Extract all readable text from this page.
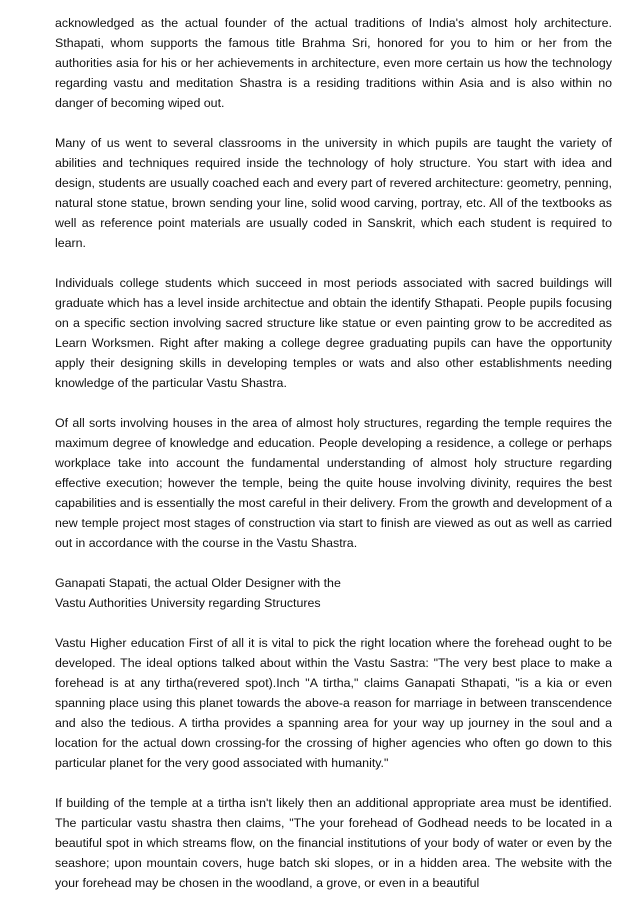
acknowledged as the actual founder of the actual traditions of India's almost holy architecture. Sthapati, whom supports the famous title Brahma Sri, honored for you to him or her from the authorities asia for his or her achievements in architecture, even more certain us how the technology regarding vastu and meditation Shastra is a residing traditions within Asia and is also within no danger of becoming wiped out.

Many of us went to several classrooms in the university in which pupils are taught the variety of abilities and techniques required inside the technology of holy structure. You start with idea and design, students are usually coached each and every part of revered architecture: geometry, penning, natural stone statue, brown sending your line, solid wood carving, portray, etc. All of the textbooks as well as reference point materials are usually coded in Sanskrit, which each student is required to learn.

Individuals college students which succeed in most periods associated with sacred buildings will graduate which has a level inside architectue and obtain the identify Sthapati. People pupils focusing on a specific section involving sacred structure like statue or even painting grow to be accredited as Learn Worksmen. Right after making a college degree graduating pupils can have the opportunity apply their designing skills in developing temples or wats and also other establishments needing knowledge of the particular Vastu Shastra.

Of all sorts involving houses in the area of almost holy structures, regarding the temple requires the maximum degree of knowledge and education. People developing a residence, a college or perhaps workplace take into account the fundamental understanding of almost holy structure regarding effective execution; however the temple, being the quite house involving divinity, requires the best capabilities and is essentially the most careful in their delivery. From the growth and development of a new temple project most stages of construction via start to finish are viewed as out as well as carried out in accordance with the course in the Vastu Shastra.

Ganapati Stapati, the actual Older Designer with the
Vastu Authorities University regarding Structures

Vastu Higher education First of all it is vital to pick the right location where the forehead ought to be developed. The ideal options talked about within the Vastu Sastra: "The very best place to make a forehead is at any tirtha(revered spot).Inch "A tirtha," claims Ganapati Sthapati, "is a kia or even spanning place using this planet towards the above-a reason for marriage in between transcendence and also the tedious. A tirtha provides a spanning area for your way up journey in the soul and a location for the actual down crossing-for the crossing of higher agencies who often go down to this particular planet for the very good associated with humanity."

If building of the temple at a tirtha isn't likely then an additional appropriate area must be identified. The particular vastu shastra then claims, "The your forehead of Godhead needs to be located in a beautiful spot in which streams flow, on the financial institutions of your body of water or even by the seashore; upon mountain covers, huge batch ski slopes, or in a hidden area. The website with the your forehead may be chosen in the woodland, a grove, or even in a beautiful
